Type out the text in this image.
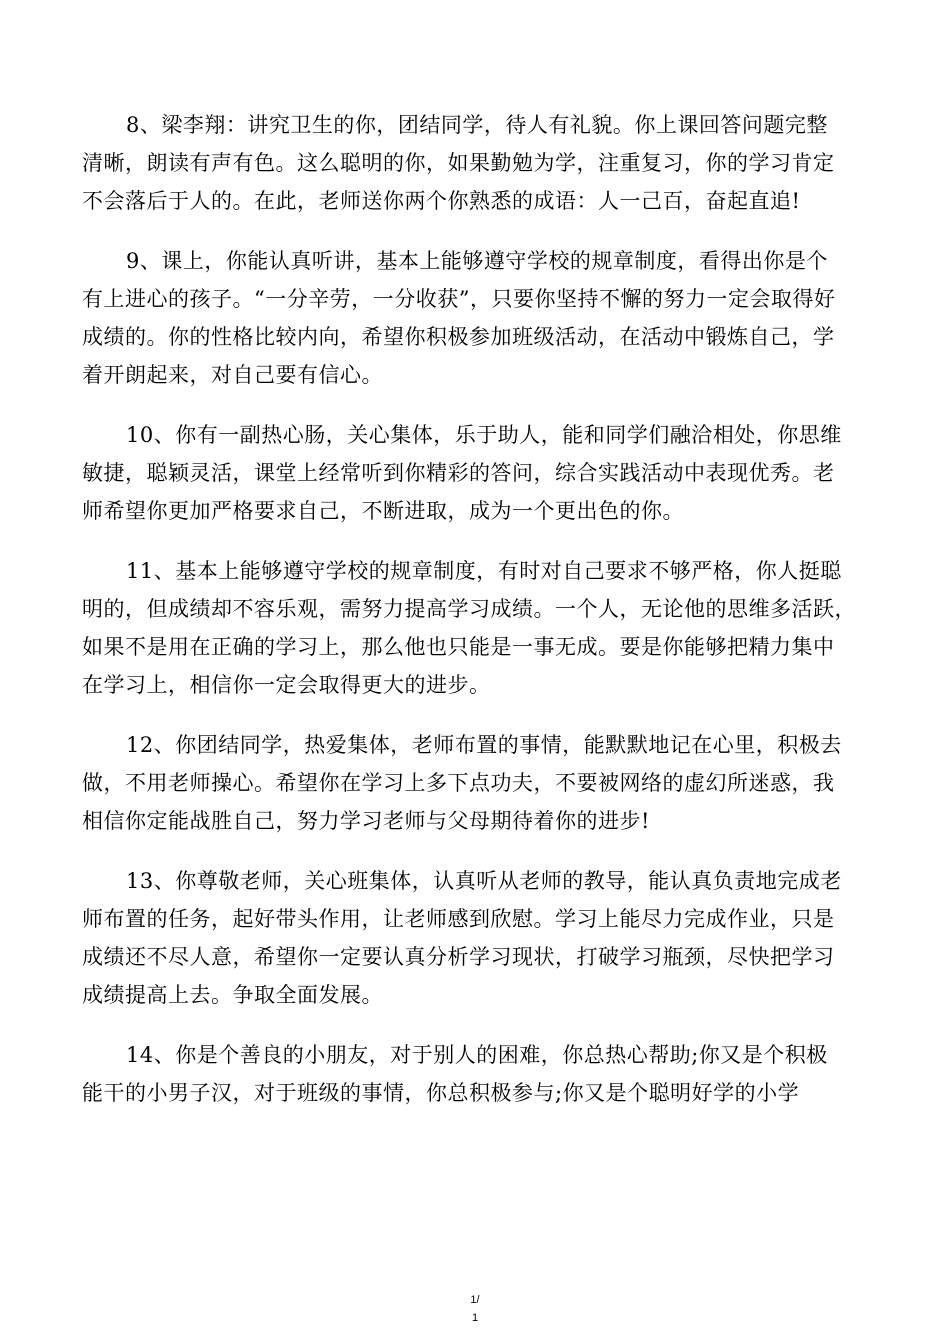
8、梁李翔：讲究卫生的你，团结同学，待人有礼貌。你上课回答问题完整
清晰，朗读有声有色。这么聪明的你，如果勤勉为学，注重复习，你的学习肯定
不会落后于人的。在此，老师送你两个你熟悉的成语：人一己百，奋起直追!

9、课上，你能认真听讲，基本上能够遵守学校的规章制度，看得出你是个
有上进心的孩子。“一分辛劳，一分收获”，只要你坚持不懈的努力一定会取得好
成绩的。你的性格比较内向，希望你积极参加班级活动，在活动中锻炼自己，学
着开朗起来，对自己要有信心。

10、你有一副热心肠，关心集体，乐于助人，能和同学们融洽相处，你思维
敏捷，聪颖灵活，课堂上经常听到你精彩的答问，综合实践活动中表现优秀。老
师希望你更加严格要求自己，不断进取，成为一个更出色的你。

11、基本上能够遵守学校的规章制度，有时对自己要求不够严格，你人挺聪
明的，但成绩却不容乐观，需努力提高学习成绩。一个人，无论他的思维多活跃，
如果不是用在正确的学习上，那么他也只能是一事无成。要是你能够把精力集中
在学习上，相信你一定会取得更大的进步。

12、你团结同学，热爱集体，老师布置的事情，能默默地记在心里，积极去
做，不用老师操心。希望你在学习上多下点功夫，不要被网络的虚幻所迷惑，我
相信你定能战胜自己，努力学习老师与父母期待着你的进步!

13、你尊敬老师，关心班集体，认真听从老师的教导，能认真负责地完成老
师布置的任务，起好带头作用，让老师感到欣慰。学习上能尽力完成作业，只是
成绩还不尽人意，希望你一定要认真分析学习现状，打破学习瓶颈，尽快把学习
成绩提高上去。争取全面发展。

14、你是个善良的小朋友，对于别人的困难，你总热心帮助;你又是个积极
能干的小男子汉，对于班级的事情，你总积极参与;你又是个聪明好学的小学

1/
1
